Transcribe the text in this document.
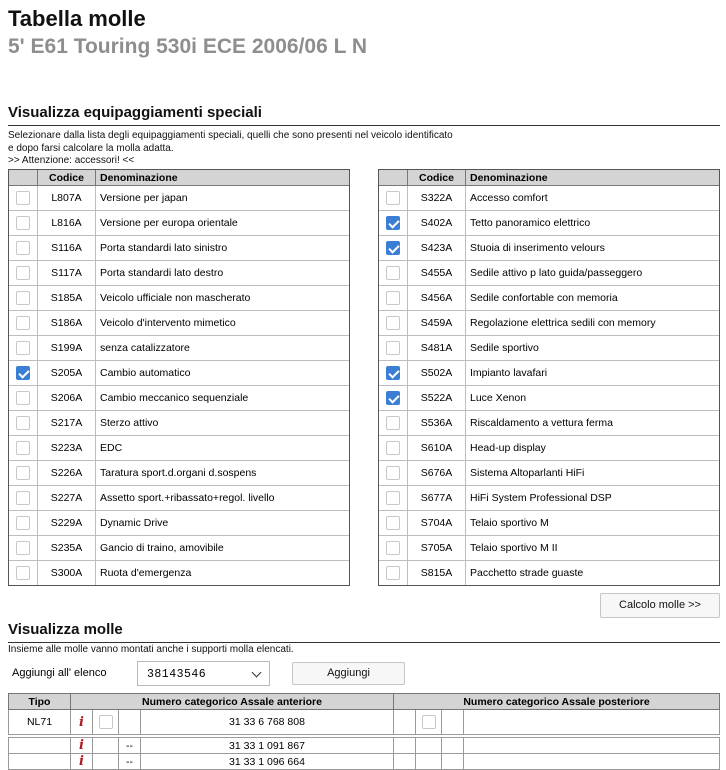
Tabella molle
5' E61 Touring 530i ECE 2006/06 L N
Visualizza equipaggiamenti speciali
Selezionare dalla lista degli equipaggiamenti speciali, quelli che sono presenti nel veicolo identificato
e dopo farsi calcolare la molla adatta.
>> Attenzione: accessori! <<
	Codice	Denominazione
	L807A	Versione per japan
	L816A	Versione per europa orientale
	S116A	Porta standardi lato sinistro
	S117A	Porta standardi lato destro
	S185A	Veicolo ufficiale non mascherato
	S186A	Veicolo d'intervento mimetico
	S199A	senza catalizzatore
	S205A	Cambio automatico
	S206A	Cambio meccanico sequenziale
	S217A	Sterzo attivo
	S223A	EDC
	S226A	Taratura sport.d.organi d.sospens
	S227A	Assetto sport.+ribassato+regol. livello
	S229A	Dynamic Drive
	S235A	Gancio di traino, amovibile
	S300A	Ruota d'emergenza
	Codice	Denominazione
	S322A	Accesso comfort
	S402A	Tetto panoramico elettrico
	S423A	Stuoia di inserimento velours
	S455A	Sedile attivo p lato guida/passeggero
	S456A	Sedile confortable con memoria
	S459A	Regolazione elettrica sedili con memory
	S481A	Sedile sportivo
	S502A	Impianto lavafari
	S522A	Luce Xenon
	S536A	Riscaldamento a vettura ferma
	S610A	Head-up display
	S676A	Sistema Altoparlanti HiFi
	S677A	HiFi System Professional DSP
	S704A	Telaio sportivo M
	S705A	Telaio sportivo M II
	S815A	Pacchetto strade guaste
Calcolo molle >>
Visualizza molle
Insieme alle molle vanno montati anche i supporti molla elencati.
Aggiungi all' elenco	38143546	Aggiungi
Tipo	Numero categorico Assale anteriore				Numero categorico Assale posteriore			
NL71	i			31 33 6 768 808				

	i		--	31 33 1 091 867				
	i		--	31 33 1 096 664				
